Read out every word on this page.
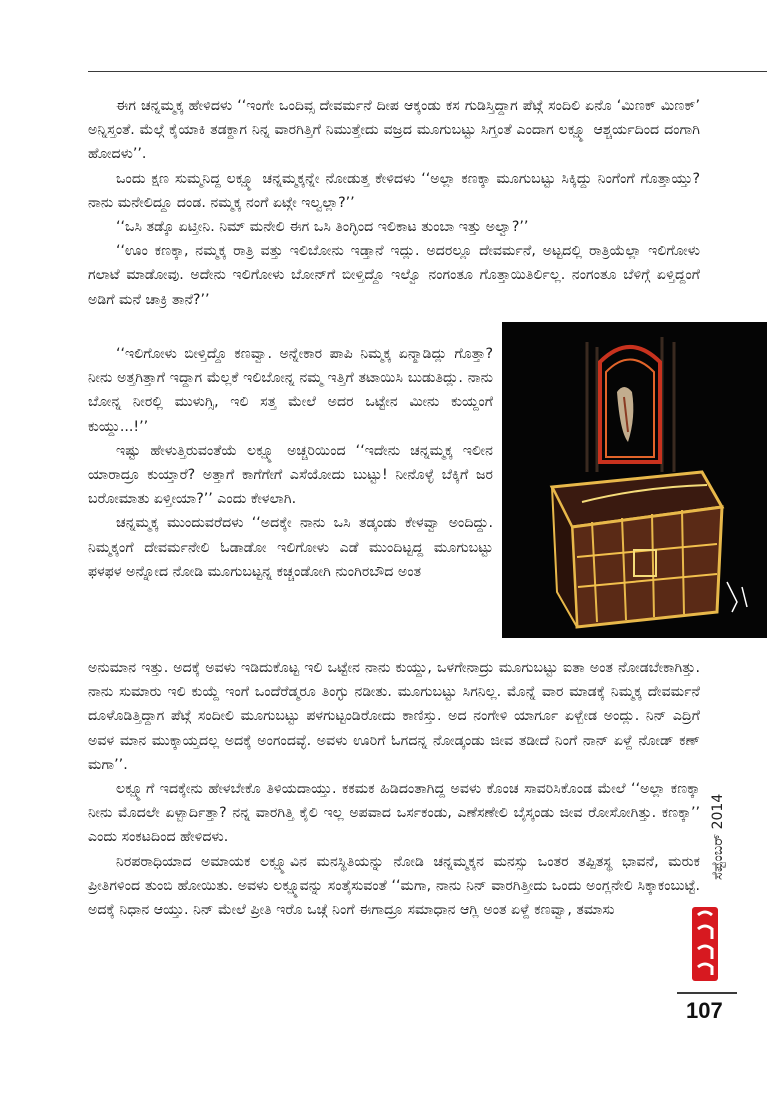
ಈಗ ಚನ್ನಮ್ಮಕ್ಕ ಹೇಳಿದಳು ‘‘ಇಂಗೇ ಒಂದಿವ್ಸ ದೇವರ್ಮನೆ ದೀಪ ಆಕ್ಕಂಡು ಕಸ ಗುಡಿಸ್ತಿದ್ದಾಗ ಪೆಟ್ಗೆ ಸಂದಿಲಿ ಏನೊ ‘ಮಿಣಕ್ ಮಿಣಕ್’ ಅನ್ನಿಸ್ತಂತೆ. ಮೆಲ್ಗೆ ಕೈಯಾಕಿ ತಡಕ್ದಾಗ ನಿನ್ನ ವಾರಗಿತ್ತಿಗೆ ನಿಮುತ್ತೇದು ವಜ್ರದ ಮೂಗುಬಟ್ಟು ಸಿಗ್ತಂತೆ ಎಂದಾಗ ಲಕ್ಷ್ಮೂ ಆಶ್ಚರ್ಯದಿಂದ ದಂಗಾಗಿ ಹೋದಳು’’.

ಒಂದು ಕ್ಷಣ ಸುಮ್ಮನಿದ್ದ ಲಕ್ಷ್ಮೂ ಚನ್ನಮ್ಮಕ್ಕನ್ನೇ ನೋಡುತ್ತ ಕೇಳಿದಳು ‘‘ಅಲ್ಲಾ ಕಣಕ್ಕಾ ಮೂಗುಬಟ್ಟು ಸಿಕ್ಕಿದ್ದು ನಿಂಗೆಂಗೆ ಗೊತ್ತಾಯ್ತು? ನಾನು ಮನೇಲಿದ್ದೂ ದಂಡ. ನಮ್ಮಕ್ಕ ನಂಗೆ ಏಟ್ಗೇ ಇಲ್ವಲ್ಲಾ?’’

‘‘ಒಸಿ ತಡ್ಕೊ ಏಟ್ತೀನಿ. ನಿಮ್ ಮನೇಲಿ ಈಗ ಒಸಿ ತಿಂಗ್ಳಿಂದ ಇಲಿಕಾಟ ತುಂಬಾ ಇತ್ತು ಅಲ್ವಾ?’’

‘‘ಊಂ ಕಣಕ್ಕಾ, ನಮ್ಮಕ್ಕ ರಾತ್ರಿ ವತ್ತು ಇಲಿಬೋನು ಇಡ್ತಾನೆ ಇದ್ಲು. ಅದರಲ್ಲೂ ದೇವರ್ಮನೆ, ಅಟ್ಟದಲ್ಲಿ ರಾತ್ರಿಯೆಲ್ಲಾ ಇಲಿಗೋಳು ಗಲಾಟೆ ಮಾಡೋವು. ಅದೇನು ಇಲಿಗೋಳು ಬೋನ್‌ಗೆ ಬೀಳ್ತಿದ್ದೊ ಇಲ್ವೊ ನಂಗಂತೂ ಗೊತ್ತಾಯಿತಿರ್ಲಿಲ್ಲ. ನಂಗಂತೂ ಬೆಳಿಗ್ಗೆ ಏಳ್ತಿದ್ದಂಗೆ ಅಡಿಗೆ ಮನೆ ಚಾಕ್ರಿ ತಾನೆ?’’

‘‘ಇಲಿಗೋಳು ಬೀಳ್ತಿದ್ದೊ ಕಣವ್ವಾ. ಅನ್ನೇಕಾರ ಪಾಪಿ ನಿಮ್ಮಕ್ಕ ಏನ್ಮಾಡಿದ್ಲು ಗೊತ್ತಾ? ನೀನು ಅತ್ತಗಿತ್ತಾಗೆ ಇದ್ದಾಗ ಮೆಲ್ಲಕೆ ಇಲಿಬೋನ್ನ ನಮ್ಮ ಇತ್ತಿಗೆ ತಟಾಯಿಸಿ ಬುಡುತಿದ್ಲು. ನಾನು ಬೋನ್ನ ನೀರಲ್ಲಿ ಮುಳುಗ್ಸಿ, ಇಲಿ ಸತ್ತ ಮೇಲೆ ಅದರ ಒಟ್ಟೇನ ಮೀನು ಕುಯ್ದಂಗೆ ಕುಯ್ದು...!’’

ಇಷ್ಟು ಹೇಳುತ್ತಿರುವಂತೆಯೆ ಲಕ್ಷ್ಮೂ ಅಚ್ಚರಿಯಿಂದ ‘‘ಇದೇನು ಚನ್ನಮ್ಮಕ್ಕ ಇಲೀನ ಯಾರಾದ್ರೂ ಕುಯ್ತಾರೆ? ಅತ್ತಾಗೆ ಕಾಗೆಗೇಗೆ ಎಸೆಯೋದು ಬುಟ್ಟು! ನೀನೊಳ್ಳೆ ಬೆಕ್ಕಿಗೆ ಜರ ಬರೋಮಾತು ಏಳ್ತೀಯಾ?’’ ಎಂದು ಕೇಳಲಾಗಿ.

ಚನ್ನಮ್ಮಕ್ಕ ಮುಂದುವರೆದಳು ‘‘ಅದಕ್ಕೇ ನಾನು ಒಸಿ ತಡ್ಕಂಡು ಕೇಳವ್ವಾ ಅಂದಿದ್ದು. ನಿಮ್ಮಕ್ಕಂಗೆ ದೇವರ್ಮನೇಲಿ ಓಡಾಡೋ ಇಲಿಗೋಳು ಎಡೆ ಮುಂದಿಟ್ಟದ್ದ ಮೂಗುಬಟ್ಟು ಫಳಫಳ ಅನ್ನೋದ ನೋಡಿ ಮೂಗುಬಟ್ಟನ್ನ ಕಚ್ಚಂಡೋಗಿ ನುಂಗಿರಬೌದ ಅಂತ

ಅನುಮಾನ ಇತ್ತು. ಅದಕ್ಕೆ ಅವಳು ಇಡಿದುಕೊಟ್ಟ ಇಲಿ ಒಟ್ಟೇನ ನಾನು ಕುಯ್ದು, ಒಳಗೇನಾದ್ರು ಮೂಗುಬಟ್ಟು ಐತಾ ಅಂತ ನೋಡಬೇಕಾಗಿತ್ತು. ನಾನು ಸುಮಾರು ಇಲಿ ಕುಯ್ದೆ ಇಂಗೆ ಒಂದೆರೆಡ್ಮರೂ ತಿಂಗ್ಳು ನಡೀತು. ಮೂಗುಬಟ್ಟು ಸಿಗನಿಲ್ಲ. ಮೊನ್ನೆ ವಾರ ಮಾಡಕ್ಕೆ ನಿಮ್ಮಕ್ಕ ದೇವರ್ಮನೆ ದೂಳೊಡಿತ್ತಿದ್ದಾಗ ಪೆಟ್ಗೆ ಸಂದೀಲಿ ಮೂಗುಬಟ್ಟು ಪಳಗುಟ್ಟಂಡಿರೋದು ಕಾಣಿಸ್ತು. ಅದ ನಂಗೇಳಿ ಯಾರ್ಗೂ ಏಳ್ಬೇಡ ಅಂದ್ಲು. ನಿನ್ ಎದ್ರಿಗೆ ಅವಳ ಮಾನ ಮುಕ್ಕಾಯ್ತದಲ್ಲ ಅದಕ್ಕೆ ಅಂಗಂದವ್ಳೆ. ಅವಳು ಊರಿಗೆ ಓಗದನ್ನ ನೋಡ್ಕಂಡು ಜೀವ ತಡೀದೆ ನಿಂಗೆ ನಾನ್ ಏಳ್ದೆ ನೋಡ್ ಕಣ್ ಮಗಾ’’.

ಲಕ್ಷ್ಮೂಗೆ ಇದಕ್ಕೇನು ಹೇಳಬೇಕೊ ತಿಳಿಯದಾಯ್ತು. ಕಕಮಕ ಹಿಡಿದಂತಾಗಿದ್ದ ಅವಳು ಕೊಂಚ ಸಾವರಿಸಿಕೊಂಡ ಮೇಲೆ ‘‘ಅಲ್ಲಾ ಕಣಕ್ಕಾ ನೀನು ಮೊದಲೇ ಏಳ್ಬಾರ್ದಿತ್ತಾ? ನನ್ನ ವಾರಗಿತ್ತಿ ಕೈಲಿ ಇಲ್ಲ ಅಪವಾದ ಒರ್ಸಕಂಡು, ಎಣೆಸಣೇಲಿ ಬೈಸ್ಕಂಡು ಜೀವ ರೋಸೋಗಿತ್ತು. ಕಣಕ್ಕಾ’’ ಎಂದು ಸಂಕಟದಿಂದ ಹೇಳಿದಳು.

ನಿರಪರಾಧಿಯಾದ ಅಮಾಯಕ ಲಕ್ಷ್ಮೂವಿನ ಮನಸ್ಥಿತಿಯನ್ನು ನೋಡಿ ಚನ್ನಮ್ಮಕ್ಕನ ಮನಸ್ಸು ಒಂತರ ತಪ್ಪಿತಸ್ಥ ಭಾವನೆ, ಮರುಕ ಪ್ರೀತಿಗಳಿಂದ ತುಂಬಿ ಹೋಯಿತು. ಅವಳು ಲಕ್ಷ್ಮೂವನ್ನು ಸಂತೈಸುವಂತೆ ‘‘ಮಗಾ, ನಾನು ನಿನ್ ವಾರಗಿತ್ತೀದು ಒಂದು ಅಂಗ್ಲನೇಲಿ ಸಿಕ್ಕಾಕಂಬುಟ್ಟೆ. ಅದಕ್ಕೆ ನಿಧಾನ ಆಯ್ತು. ನಿನ್ ಮೇಲೆ ಪ್ರೀತಿ ಇರೊ ಒಚ್ಗೆ ನಿಂಗೆ ಈಗಾದ್ರೂ ಸಮಾಧಾನ ಆಗ್ಲಿ ಅಂತ ಏಳ್ದೆ ಕಣವ್ವಾ, ತಮಾಸು

ಸೆಪ್ಟೆಂಬರ್ 2014
107
